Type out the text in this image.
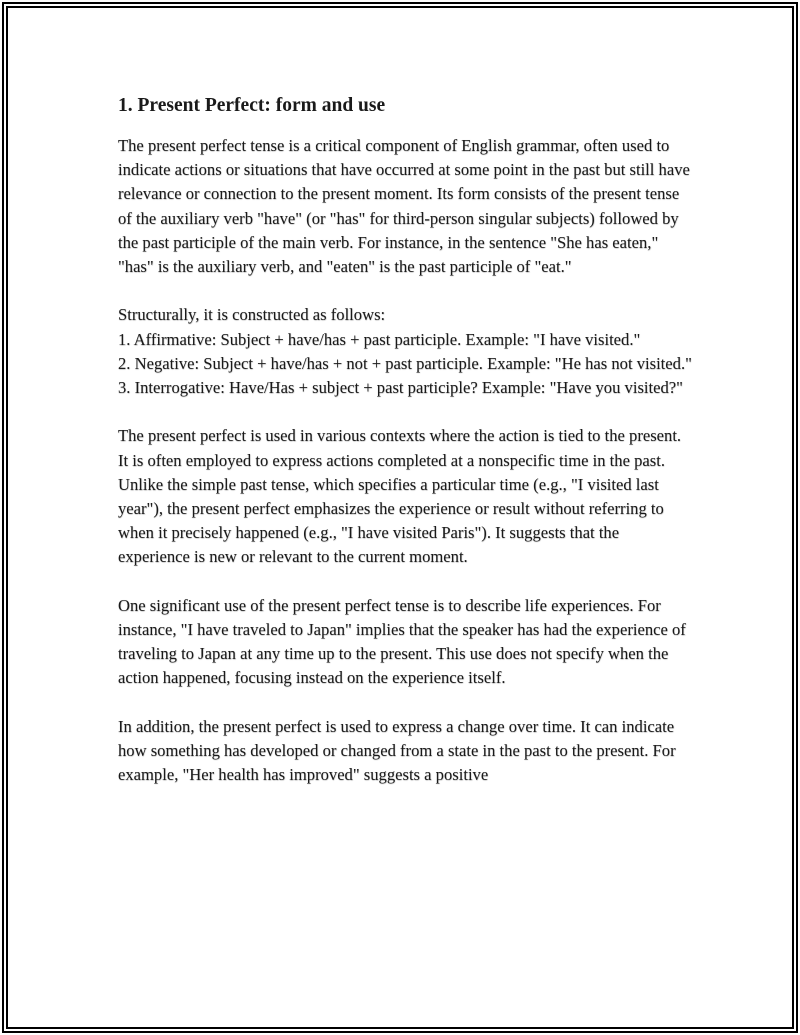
1. Present Perfect: form and use

The present perfect tense is a critical component of English grammar, often used to indicate actions or situations that have occurred at some point in the past but still have relevance or connection to the present moment. Its form consists of the present tense of the auxiliary verb "have" (or "has" for third-person singular subjects) followed by the past participle of the main verb. For instance, in the sentence "She has eaten," "has" is the auxiliary verb, and "eaten" is the past participle of "eat."

Structurally, it is constructed as follows:
1. Affirmative: Subject + have/has + past participle. Example: "I have visited."
2. Negative: Subject + have/has + not + past participle. Example: "He has not visited."
3. Interrogative: Have/Has + subject + past participle? Example: "Have you visited?"

The present perfect is used in various contexts where the action is tied to the present. It is often employed to express actions completed at a nonspecific time in the past. Unlike the simple past tense, which specifies a particular time (e.g., "I visited last year"), the present perfect emphasizes the experience or result without referring to when it precisely happened (e.g., "I have visited Paris"). It suggests that the experience is new or relevant to the current moment.

One significant use of the present perfect tense is to describe life experiences. For instance, "I have traveled to Japan" implies that the speaker has had the experience of traveling to Japan at any time up to the present. This use does not specify when the action happened, focusing instead on the experience itself.

In addition, the present perfect is used to express a change over time. It can indicate how something has developed or changed from a state in the past to the present. For example, "Her health has improved" suggests a positive
